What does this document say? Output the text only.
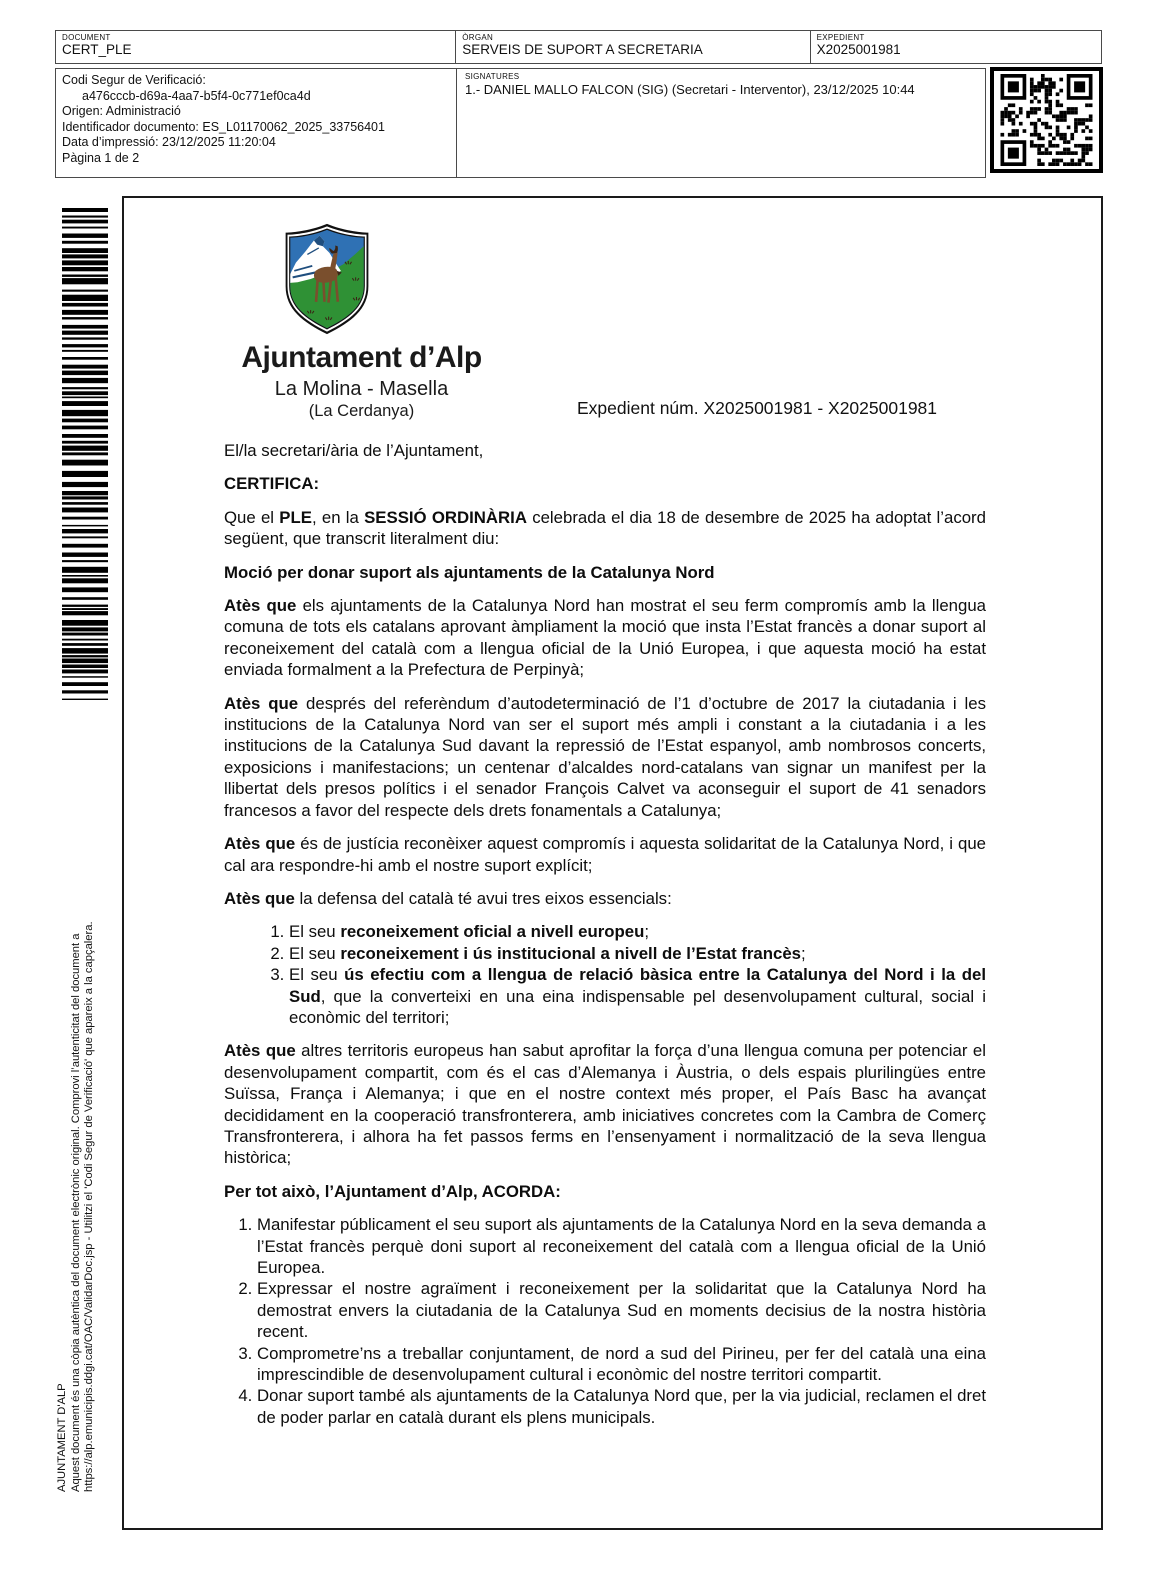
DOCUMENT
CERT_PLE
ÒRGAN
SERVEIS DE SUPORT A SECRETARIA
EXPEDIENT
X2025001981
Codi Segur de Verificació:
a476cccb-d69a-4aa7-b5f4-0c771ef0ca4d
Origen: Administració
Identificador documento: ES_L01170062_2025_33756401
Data d’impressió: 23/12/2025 11:20:04
Pàgina 1 de 2
SIGNATURES
1.- DANIEL MALLO FALCON (SIG) (Secretari - Interventor), 23/12/2025 10:44
AJUNTAMENT D'ALP Aquest document és una còpia autèntica del document electrònic original. Comprovi l’autenticitat del document a https://alp.emunicipis.ddgi.cat/OAC/ValidarDoc.jsp - Utilitzi el 'Codi Segur de Verificació' que apareix a la capçalera.
Ajuntament d’Alp
La Molina - Masella
(La Cerdanya)	Expedient núm. X2025001981 - X2025001981

El/la secretari/ària de l’Ajuntament,

CERTIFICA:

Que el PLE, en la SESSIÓ ORDINÀRIA celebrada el dia 18 de desembre de 2025 ha adoptat l’acord següent, que transcrit literalment diu:

Moció per donar suport als ajuntaments de la Catalunya Nord

Atès que els ajuntaments de la Catalunya Nord han mostrat el seu ferm compromís amb la llengua comuna de tots els catalans aprovant àmpliament la moció que insta l’Estat francès a donar suport al reconeixement del català com a llengua oficial de la Unió Europea, i que aquesta moció ha estat enviada formalment a la Prefectura de Perpinyà;

Atès que després del referèndum d’autodeterminació de l’1 d’octubre de 2017 la ciutadania i les institucions de la Catalunya Nord van ser el suport més ampli i constant a la ciutadania i a les institucions de la Catalunya Sud davant la repressió de l’Estat espanyol, amb nombrosos concerts, exposicions i manifestacions; un centenar d’alcaldes nord-catalans van signar un manifest per la llibertat dels presos polítics i el senador François Calvet va aconseguir el suport de 41 senadors francesos a favor del respecte dels drets fonamentals a Catalunya;

Atès que és de justícia reconèixer aquest compromís i aquesta solidaritat de la Catalunya Nord, i que cal ara respondre-hi amb el nostre suport explícit;

Atès que la defensa del català té avui tres eixos essencials:

1. El seu reconeixement oficial a nivell europeu;
2. El seu reconeixement i ús institucional a nivell de l’Estat francès;
3. El seu ús efectiu com a llengua de relació bàsica entre la Catalunya del Nord i la del Sud, que la converteixi en una eina indispensable pel desenvolupament cultural, social i econòmic del territori;

Atès que altres territoris europeus han sabut aprofitar la força d’una llengua comuna per potenciar el desenvolupament compartit, com és el cas d’Alemanya i Àustria, o dels espais plurilingües entre Suïssa, França i Alemanya; i que en el nostre context més proper, el País Basc ha avançat decididament en la cooperació transfronterera, amb iniciatives concretes com la Cambra de Comerç Transfronterera, i alhora ha fet passos ferms en l’ensenyament i normalització de la seva llengua històrica;

Per tot això, l’Ajuntament d’Alp, ACORDA:

1. Manifestar públicament el seu suport als ajuntaments de la Catalunya Nord en la seva demanda a l’Estat francès perquè doni suport al reconeixement del català com a llengua oficial de la Unió Europea.
2. Expressar el nostre agraïment i reconeixement per la solidaritat que la Catalunya Nord ha demostrat envers la ciutadania de la Catalunya Sud en moments decisius de la nostra història recent.
3. Comprometre’ns a treballar conjuntament, de nord a sud del Pirineu, per fer del català una eina imprescindible de desenvolupament cultural i econòmic del nostre territori compartit.
4. Donar suport també als ajuntaments de la Catalunya Nord que, per la via judicial, reclamen el dret de poder parlar en català durant els plens municipals.
